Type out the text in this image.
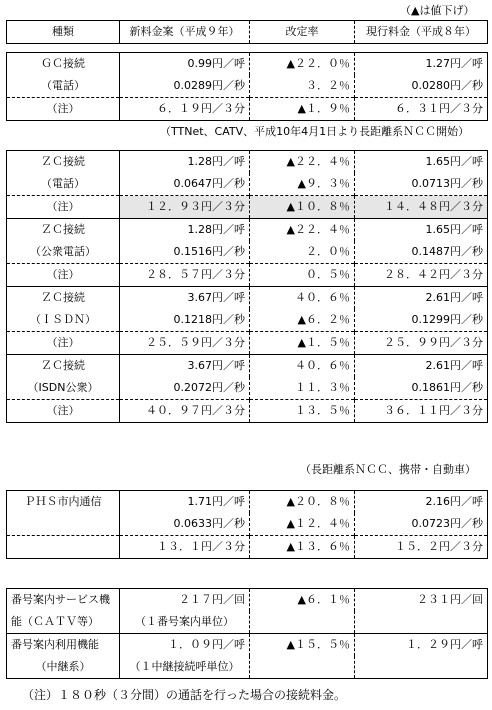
（▲は値下げ）
種類	新料金案（平成９年）	改定率	現行料金（平成８年）
ＧＣ接続	0.99円／呼	▲２２．０％	1.27円／呼
（電話）	0.0289円／秒	３．２％	0.0280円／秒
（注）	６．１９円／３分	▲１．９％	６．３１円／３分
（TTNet、CATV、平成10年4月1日より長距離系ＮＣＣ開始）
ＺＣ接続	1.28円／呼	▲２２．４％	1.65円／呼
（電話）	0.0647円／秒	▲９．３％	0.0713円／秒
（注）	１２．９３円／３分	▲１０．８％	１４．４８円／３分
ＺＣ接続	1.28円／呼	▲２２．４％	1.65円／呼
（公衆電話）	0.1516円／秒	２．０％	0.1487円／秒
（注）	２８．５７円／３分	０．５％	２８．４２円／３分
ＺＣ接続	3.67円／呼	４０．６％	2.61円／呼
（ＩＳＤＮ）	0.1218円／秒	▲６．２％	0.1299円／秒
（注）	２５．５９円／３分	▲１．５％	２５．９９円／３分
ＺＣ接続	3.67円／呼	４０．６％	2.61円／呼
（ISDN公衆）	0.2072円／秒	１１．３％	0.1861円／秒
（注）	４０．９７円／３分	１３．５％	３６．１１円／３分
（長距離系ＮＣＣ、携帯・自動車）
ＰＨＳ市内通信	1.71円／呼	▲２０．８％	2.16円／呼
	0.0633円／秒	▲１２．４％	0.0723円／秒
	１３．１円／３分	▲１３．６％	１５．２円／３分
番号案内サービス機	２１７円／回	▲６．１％	２３１円／回
能（ＣＡＴＶ等）	（１番号案内単位）		
番号案内利用機能	１．０９円／呼	▲１５．５％	１．２９円／呼
（中継系）	（１中継接続呼単位）		
（注）１８０秒（３分間）の通話を行った場合の接続料金。
